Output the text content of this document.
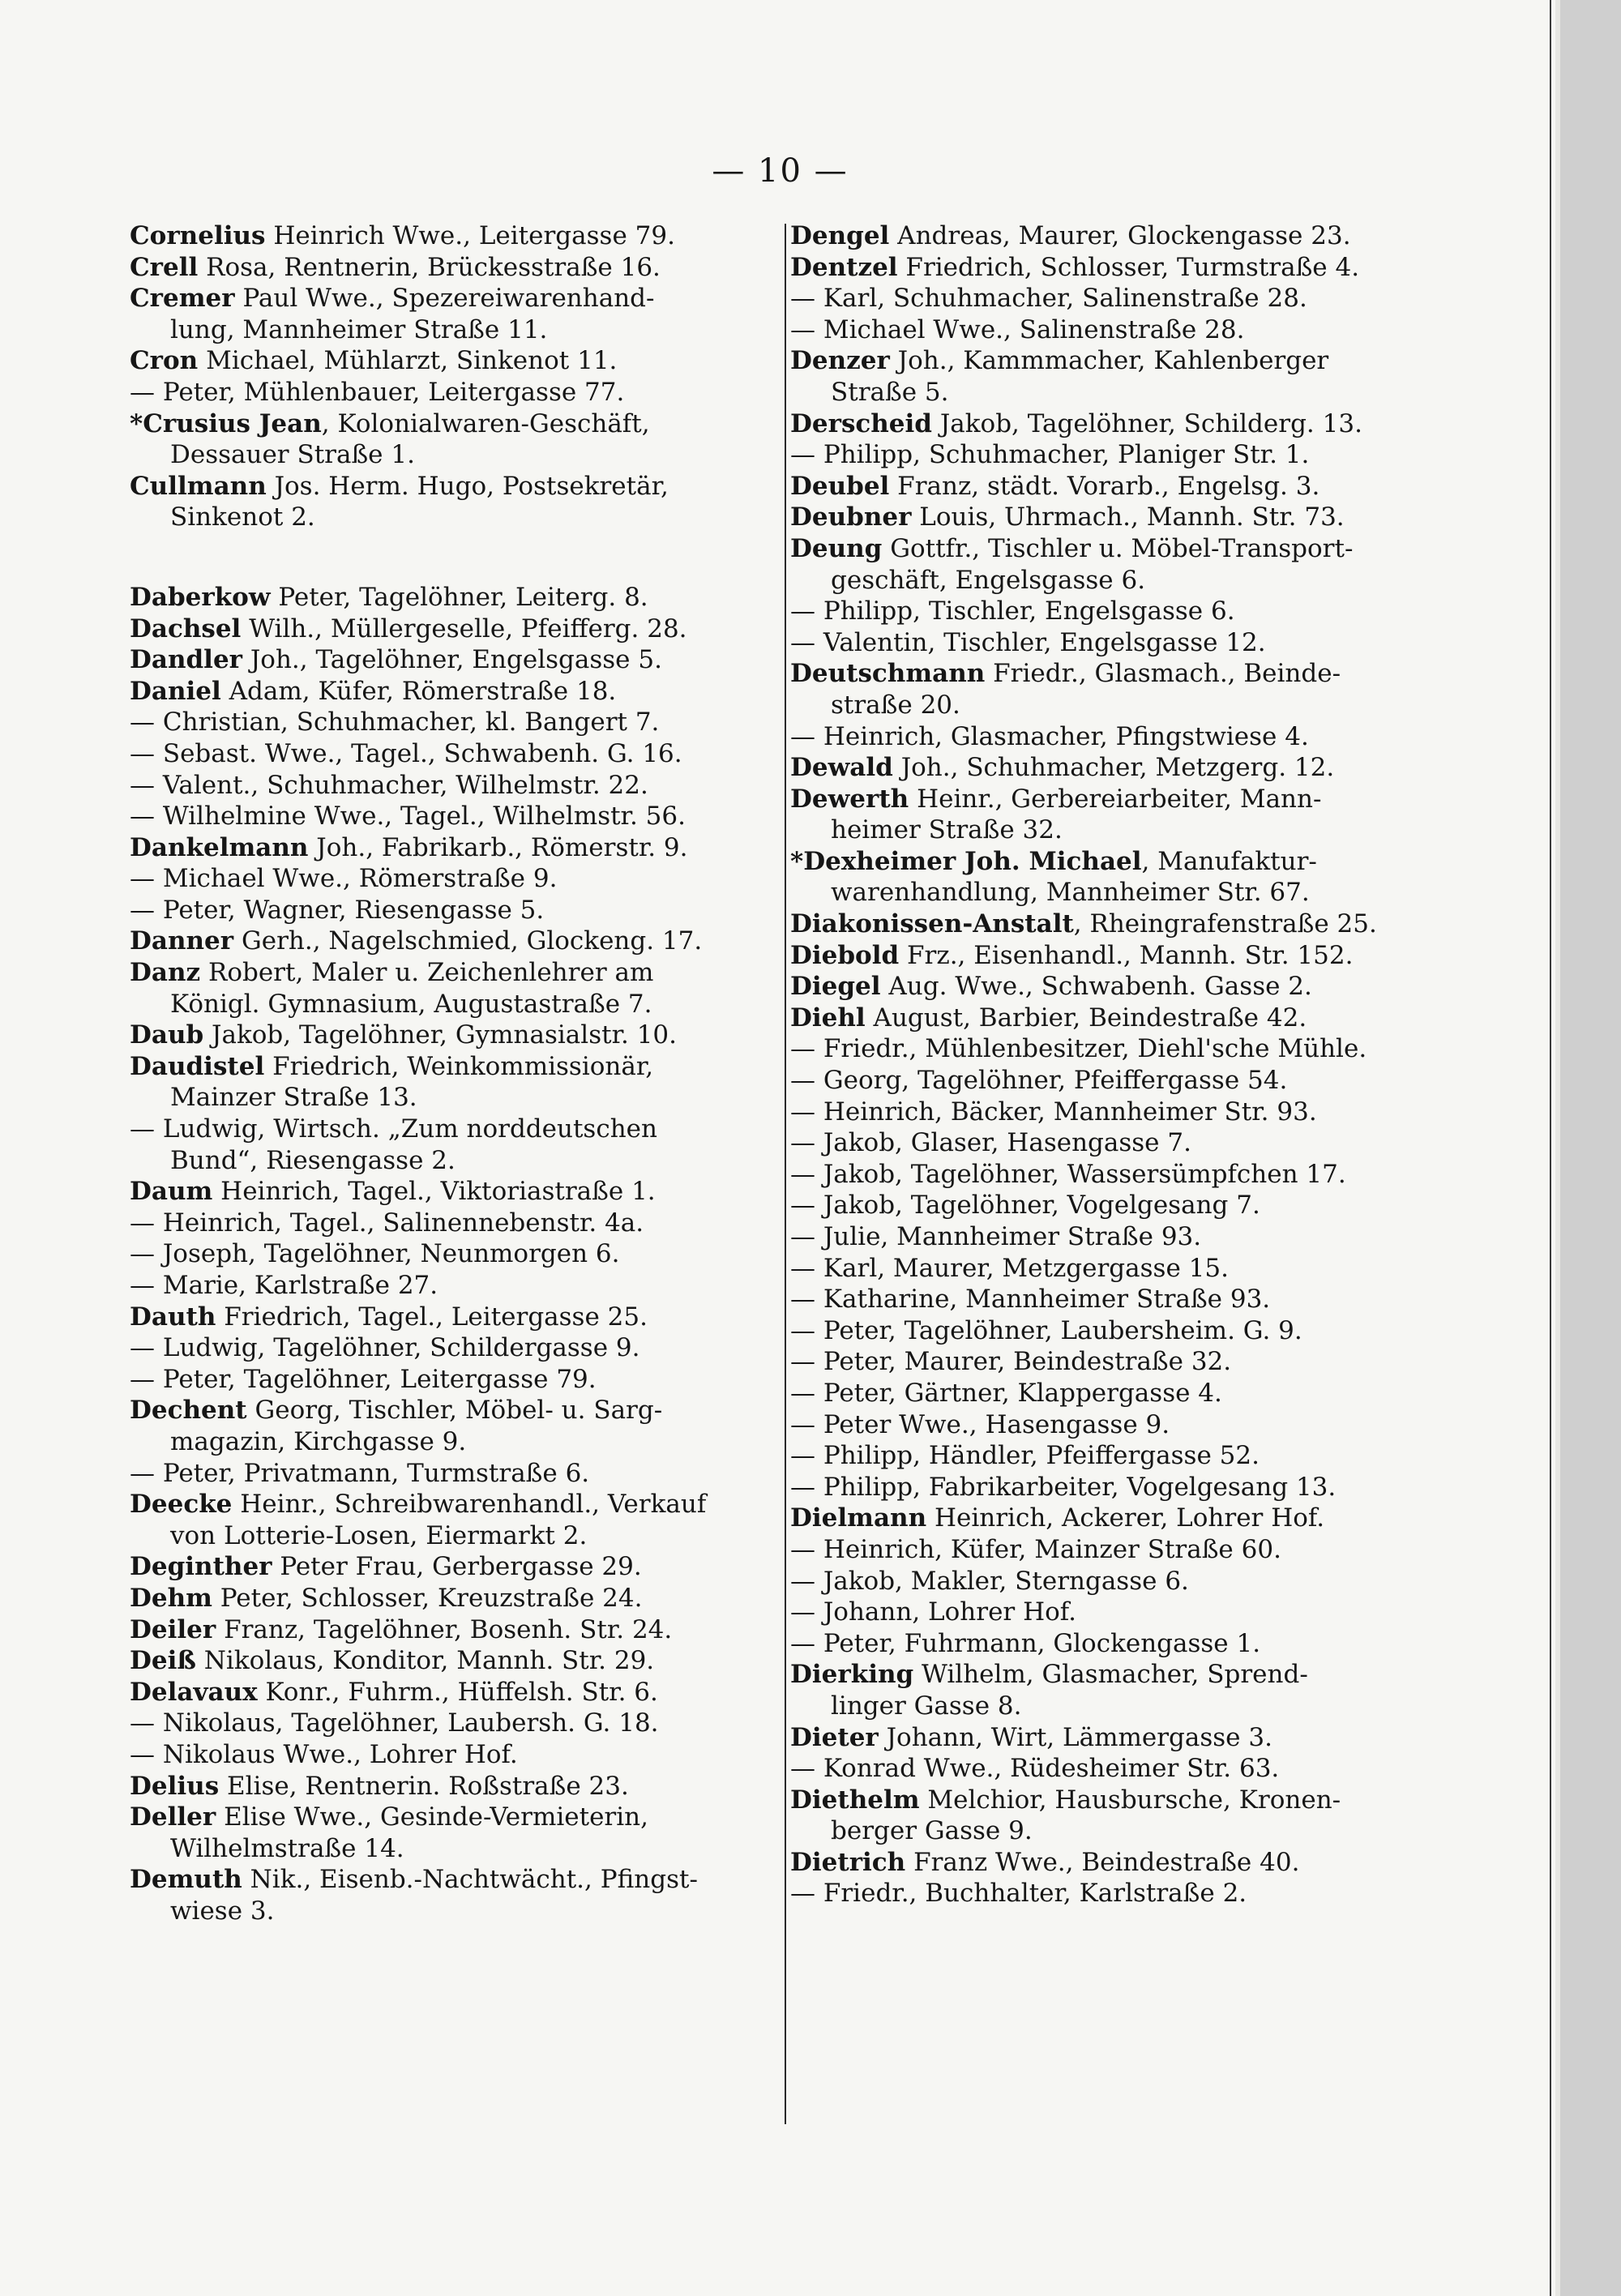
— 10 —
Cornelius Heinrich Wwe., Leitergasse 79.
Crell Rosa, Rentnerin, Brückesstraße 16.
Cremer Paul Wwe., Spezereiwarenhand-
lung, Mannheimer Straße 11.
Cron Michael, Mühlarzt, Sinkenot 11.
— Peter, Mühlenbauer, Leitergasse 77.
*Crusius Jean, Kolonialwaren-Geschäft,
Dessauer Straße 1.
Cullmann Jos. Herm. Hugo, Postsekretär,
Sinkenot 2.
Daberkow Peter, Tagelöhner, Leiterg. 8.
Dachsel Wilh., Müllergeselle, Pfeifferg. 28.
Dandler Joh., Tagelöhner, Engelsgasse 5.
Daniel Adam, Küfer, Römerstraße 18.
— Christian, Schuhmacher, kl. Bangert 7.
— Sebast. Wwe., Tagel., Schwabenh. G. 16.
— Valent., Schuhmacher, Wilhelmstr. 22.
— Wilhelmine Wwe., Tagel., Wilhelmstr. 56.
Dankelmann Joh., Fabrikarb., Römerstr. 9.
— Michael Wwe., Römerstraße 9.
— Peter, Wagner, Riesengasse 5.
Danner Gerh., Nagelschmied, Glockeng. 17.
Danz Robert, Maler u. Zeichenlehrer am
Königl. Gymnasium, Augustastraße 7.
Daub Jakob, Tagelöhner, Gymnasialstr. 10.
Daudistel Friedrich, Weinkommissionär,
Mainzer Straße 13.
— Ludwig, Wirtsch. „Zum norddeutschen
Bund“, Riesengasse 2.
Daum Heinrich, Tagel., Viktoriastraße 1.
— Heinrich, Tagel., Salinennebenstr. 4a.
— Joseph, Tagelöhner, Neunmorgen 6.
— Marie, Karlstraße 27.
Dauth Friedrich, Tagel., Leitergasse 25.
— Ludwig, Tagelöhner, Schildergasse 9.
— Peter, Tagelöhner, Leitergasse 79.
Dechent Georg, Tischler, Möbel- u. Sarg-
magazin, Kirchgasse 9.
— Peter, Privatmann, Turmstraße 6.
Deecke Heinr., Schreibwarenhandl., Verkauf
von Lotterie-Losen, Eiermarkt 2.
Deginther Peter Frau, Gerbergasse 29.
Dehm Peter, Schlosser, Kreuzstraße 24.
Deiler Franz, Tagelöhner, Bosenh. Str. 24.
Deiß Nikolaus, Konditor, Mannh. Str. 29.
Delavaux Konr., Fuhrm., Hüffelsh. Str. 6.
— Nikolaus, Tagelöhner, Laubersh. G. 18.
— Nikolaus Wwe., Lohrer Hof.
Delius Elise, Rentnerin. Roßstraße 23.
Deller Elise Wwe., Gesinde-Vermieterin,
Wilhelmstraße 14.
Demuth Nik., Eisenb.-Nachtwächt., Pfingst-
wiese 3.
Dengel Andreas, Maurer, Glockengasse 23.
Dentzel Friedrich, Schlosser, Turmstraße 4.
— Karl, Schuhmacher, Salinenstraße 28.
— Michael Wwe., Salinenstraße 28.
Denzer Joh., Kammmacher, Kahlenberger
Straße 5.
Derscheid Jakob, Tagelöhner, Schilderg. 13.
— Philipp, Schuhmacher, Planiger Str. 1.
Deubel Franz, städt. Vorarb., Engelsg. 3.
Deubner Louis, Uhrmach., Mannh. Str. 73.
Deung Gottfr., Tischler u. Möbel-Transport-
geschäft, Engelsgasse 6.
— Philipp, Tischler, Engelsgasse 6.
— Valentin, Tischler, Engelsgasse 12.
Deutschmann Friedr., Glasmach., Beinde-
straße 20.
— Heinrich, Glasmacher, Pfingstwiese 4.
Dewald Joh., Schuhmacher, Metzgerg. 12.
Dewerth Heinr., Gerbereiarbeiter, Mann-
heimer Straße 32.
*Dexheimer Joh. Michael, Manufaktur-
warenhandlung, Mannheimer Str. 67.
Diakonissen-Anstalt, Rheingrafenstraße 25.
Diebold Frz., Eisenhandl., Mannh. Str. 152.
Diegel Aug. Wwe., Schwabenh. Gasse 2.
Diehl August, Barbier, Beindestraße 42.
— Friedr., Mühlenbesitzer, Diehl'sche Mühle.
— Georg, Tagelöhner, Pfeiffergasse 54.
— Heinrich, Bäcker, Mannheimer Str. 93.
— Jakob, Glaser, Hasengasse 7.
— Jakob, Tagelöhner, Wassersümpfchen 17.
— Jakob, Tagelöhner, Vogelgesang 7.
— Julie, Mannheimer Straße 93.
— Karl, Maurer, Metzgergasse 15.
— Katharine, Mannheimer Straße 93.
— Peter, Tagelöhner, Laubersheim. G. 9.
— Peter, Maurer, Beindestraße 32.
— Peter, Gärtner, Klappergasse 4.
— Peter Wwe., Hasengasse 9.
— Philipp, Händler, Pfeiffergasse 52.
— Philipp, Fabrikarbeiter, Vogelgesang 13.
Dielmann Heinrich, Ackerer, Lohrer Hof.
— Heinrich, Küfer, Mainzer Straße 60.
— Jakob, Makler, Sterngasse 6.
— Johann, Lohrer Hof.
— Peter, Fuhrmann, Glockengasse 1.
Dierking Wilhelm, Glasmacher, Sprend-
linger Gasse 8.
Dieter Johann, Wirt, Lämmergasse 3.
— Konrad Wwe., Rüdesheimer Str. 63.
Diethelm Melchior, Hausbursche, Kronen-
berger Gasse 9.
Dietrich Franz Wwe., Beindestraße 40.
— Friedr., Buchhalter, Karlstraße 2.
